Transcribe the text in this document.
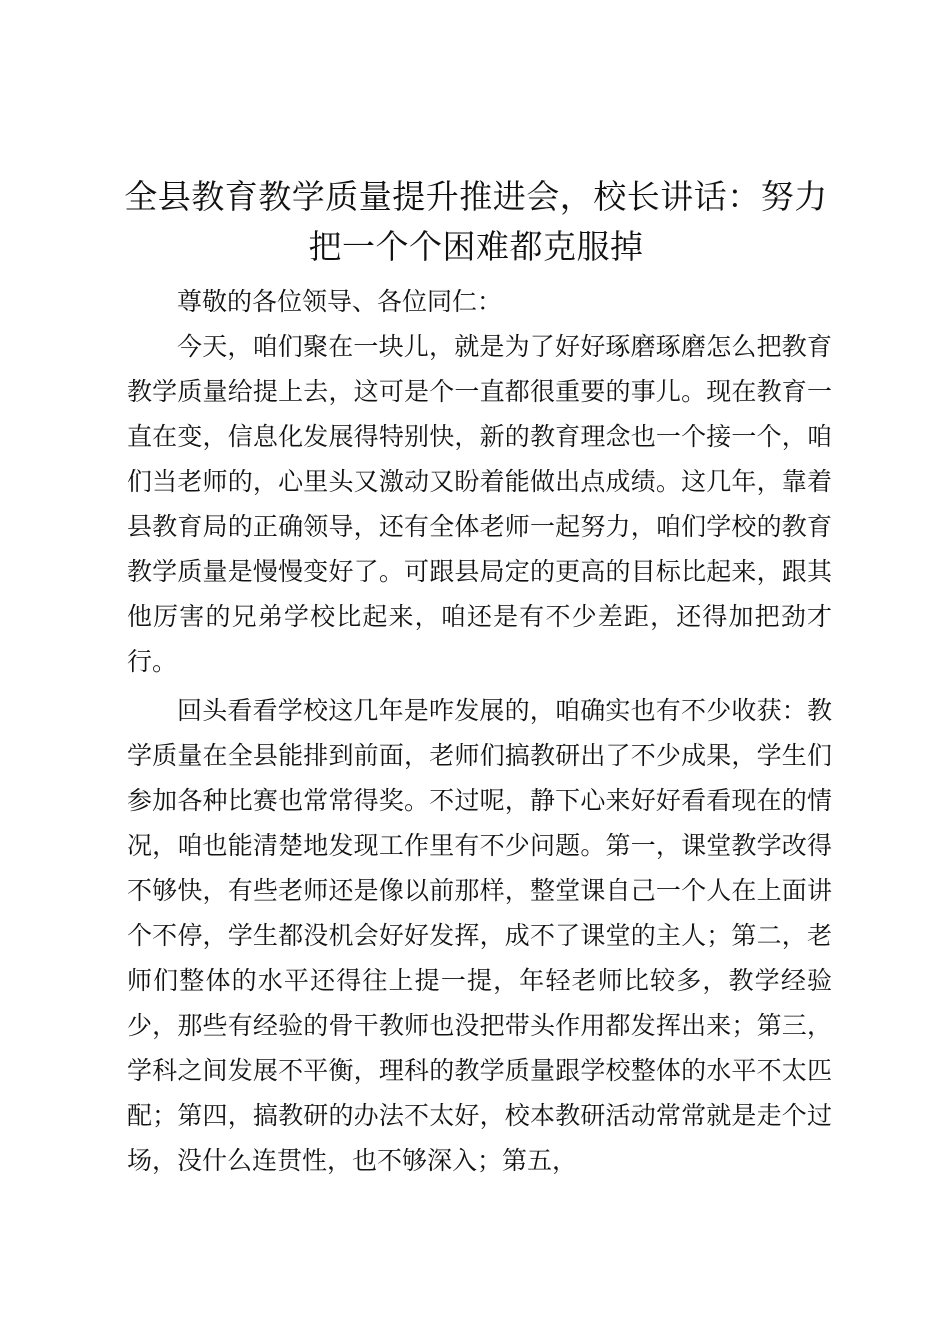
全县教育教学质量提升推进会，校长讲话：努力把一个个困难都克服掉

尊敬的各位领导、各位同仁：

今天，咱们聚在一块儿，就是为了好好琢磨琢磨怎么把教育教学质量给提上去，这可是个一直都很重要的事儿。现在教育一直在变，信息化发展得特别快，新的教育理念也一个接一个，咱们当老师的，心里头又激动又盼着能做出点成绩。这几年，靠着县教育局的正确领导，还有全体老师一起努力，咱们学校的教育教学质量是慢慢变好了。可跟县局定的更高的目标比起来，跟其他厉害的兄弟学校比起来，咱还是有不少差距，还得加把劲才行。

回头看看学校这几年是咋发展的，咱确实也有不少收获：教学质量在全县能排到前面，老师们搞教研出了不少成果，学生们参加各种比赛也常常得奖。不过呢，静下心来好好看看现在的情况，咱也能清楚地发现工作里有不少问题。第一，课堂教学改得不够快，有些老师还是像以前那样，整堂课自己一个人在上面讲个不停，学生都没机会好好发挥，成不了课堂的主人；第二，老师们整体的水平还得往上提一提，年轻老师比较多，教学经验少，那些有经验的骨干教师也没把带头作用都发挥出来；第三，学科之间发展不平衡，理科的教学质量跟学校整体的水平不太匹配；第四，搞教研的办法不太好，校本教研活动常常就是走个过场，没什么连贯性，也不够深入；第五，
